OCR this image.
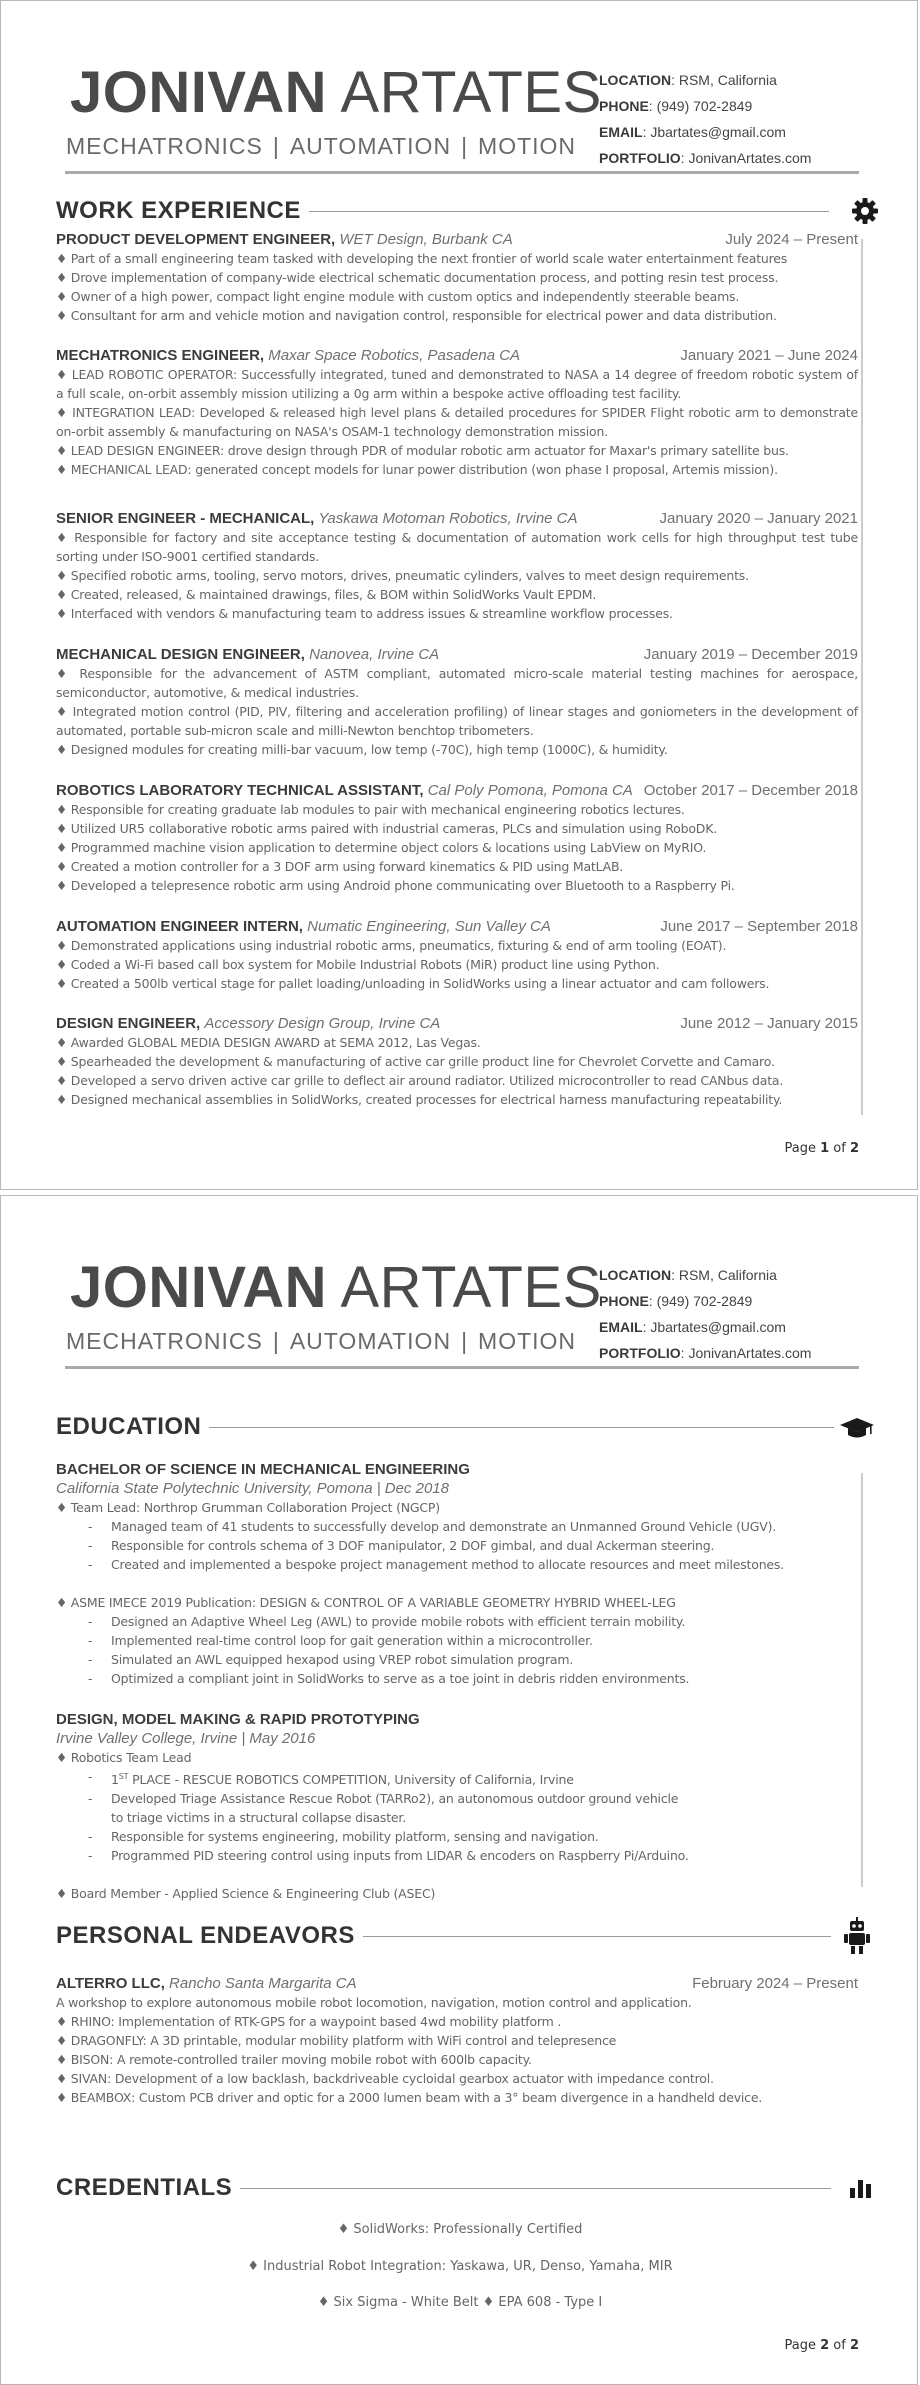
JONIVAN ARTATES
MECHATRONICS | AUTOMATION | MOTION
LOCATION: RSM, California
PHONE: (949) 702-2849
EMAIL: Jbartates@gmail.com
PORTFOLIO: JonivanArtates.com
WORK EXPERIENCE
PRODUCT DEVELOPMENT ENGINEER, WET Design, Burbank CA	July 2024 – Present
♦ Part of a small engineering team tasked with developing the next frontier of world scale water entertainment features
♦ Drove implementation of company-wide electrical schematic documentation process, and potting resin test process.
♦ Owner of a high power, compact light engine module with custom optics and independently steerable beams.
♦ Consultant for arm and vehicle motion and navigation control, responsible for electrical power and data distribution.
MECHATRONICS ENGINEER, Maxar Space Robotics, Pasadena CA	January 2021 – June 2024
♦ LEAD ROBOTIC OPERATOR: Successfully integrated, tuned and demonstrated to NASA a 14 degree of freedom robotic system of a full scale, on-orbit assembly mission utilizing a 0g arm within a bespoke active offloading test facility.
♦ INTEGRATION LEAD: Developed & released high level plans & detailed procedures for SPIDER Flight robotic arm to demonstrate on-orbit assembly & manufacturing on NASA's OSAM-1 technology demonstration mission.
♦ LEAD DESIGN ENGINEER: drove design through PDR of modular robotic arm actuator for Maxar's primary satellite bus.
♦ MECHANICAL LEAD: generated concept models for lunar power distribution (won phase I proposal, Artemis mission).
SENIOR ENGINEER - MECHANICAL, Yaskawa Motoman Robotics, Irvine CA	January 2020 – January 2021
♦ Responsible for factory and site acceptance testing & documentation of automation work cells for high throughput test tube sorting under ISO-9001 certified standards.
♦ Specified robotic arms, tooling, servo motors, drives, pneumatic cylinders, valves to meet design requirements.
♦ Created, released, & maintained drawings, files, & BOM within SolidWorks Vault EPDM.
♦ Interfaced with vendors & manufacturing team to address issues & streamline workflow processes.
MECHANICAL DESIGN ENGINEER, Nanovea, Irvine CA	January 2019 – December 2019
♦ Responsible for the advancement of ASTM compliant, automated micro-scale material testing machines for aerospace, semiconductor, automotive, & medical industries.
♦ Integrated motion control (PID, PIV, filtering and acceleration profiling) of linear stages and goniometers in the development of automated, portable sub-micron scale and milli-Newton benchtop tribometers.
♦ Designed modules for creating milli-bar vacuum, low temp (-70C), high temp (1000C), & humidity.
ROBOTICS LABORATORY TECHNICAL ASSISTANT, Cal Poly Pomona, Pomona CA October 2017 – December 2018
♦ Responsible for creating graduate lab modules to pair with mechanical engineering robotics lectures.
♦ Utilized UR5 collaborative robotic arms paired with industrial cameras, PLCs and simulation using RoboDK.
♦ Programmed machine vision application to determine object colors & locations using LabView on MyRIO.
♦ Created a motion controller for a 3 DOF arm using forward kinematics & PID using MatLAB.
♦ Developed a telepresence robotic arm using Android phone communicating over Bluetooth to a Raspberry Pi.
AUTOMATION ENGINEER INTERN, Numatic Engineering, Sun Valley CA	June 2017 – September 2018
♦ Demonstrated applications using industrial robotic arms, pneumatics, fixturing & end of arm tooling (EOAT).
♦ Coded a Wi-Fi based call box system for Mobile Industrial Robots (MiR) product line using Python.
♦ Created a 500lb vertical stage for pallet loading/unloading in SolidWorks using a linear actuator and cam followers.
DESIGN ENGINEER, Accessory Design Group, Irvine CA	June 2012 – January 2015
♦ Awarded GLOBAL MEDIA DESIGN AWARD at SEMA 2012, Las Vegas.
♦ Spearheaded the development & manufacturing of active car grille product line for Chevrolet Corvette and Camaro.
♦ Developed a servo driven active car grille to deflect air around radiator. Utilized microcontroller to read CANbus data.
♦ Designed mechanical assemblies in SolidWorks, created processes for electrical harness manufacturing repeatability.
Page 1 of 2
JONIVAN ARTATES
MECHATRONICS | AUTOMATION | MOTION
LOCATION: RSM, California
PHONE: (949) 702-2849
EMAIL: Jbartates@gmail.com
PORTFOLIO: JonivanArtates.com
EDUCATION
BACHELOR OF SCIENCE IN MECHANICAL ENGINEERING
California State Polytechnic University, Pomona | Dec 2018
♦ Team Lead: Northrop Grumman Collaboration Project (NGCP)
- Managed team of 41 students to successfully develop and demonstrate an Unmanned Ground Vehicle (UGV).
- Responsible for controls schema of 3 DOF manipulator, 2 DOF gimbal, and dual Ackerman steering.
- Created and implemented a bespoke project management method to allocate resources and meet milestones.
♦ ASME IMECE 2019 Publication: DESIGN & CONTROL OF A VARIABLE GEOMETRY HYBRID WHEEL-LEG
- Designed an Adaptive Wheel Leg (AWL) to provide mobile robots with efficient terrain mobility.
- Implemented real-time control loop for gait generation within a microcontroller.
- Simulated an AWL equipped hexapod using VREP robot simulation program.
- Optimized a compliant joint in SolidWorks to serve as a toe joint in debris ridden environments.
DESIGN, MODEL MAKING & RAPID PROTOTYPING
Irvine Valley College, Irvine | May 2016
♦ Robotics Team Lead
- 1ST PLACE - RESCUE ROBOTICS COMPETITION, University of California, Irvine
- Developed Triage Assistance Rescue Robot (TARRo2), an autonomous outdoor ground vehicle
to triage victims in a structural collapse disaster.
- Responsible for systems engineering, mobility platform, sensing and navigation.
- Programmed PID steering control using inputs from LIDAR & encoders on Raspberry Pi/Arduino.
♦ Board Member - Applied Science & Engineering Club (ASEC)
PERSONAL ENDEAVORS
ALTERRO LLC, Rancho Santa Margarita CA	February 2024 – Present
A workshop to explore autonomous mobile robot locomotion, navigation, motion control and application.
♦ RHINO: Implementation of RTK-GPS for a waypoint based 4wd mobility platform .
♦ DRAGONFLY: A 3D printable, modular mobility platform with WiFi control and telepresence
♦ BISON: A remote-controlled trailer moving mobile robot with 600lb capacity.
♦ SIVAN: Development of a low backlash, backdriveable cycloidal gearbox actuator with impedance control.
♦ BEAMBOX: Custom PCB driver and optic for a 2000 lumen beam with a 3° beam divergence in a handheld device.
CREDENTIALS
♦ SolidWorks: Professionally Certified
♦ Industrial Robot Integration: Yaskawa, UR, Denso, Yamaha, MIR
♦ Six Sigma - White Belt ♦ EPA 608 - Type I
Page 2 of 2
